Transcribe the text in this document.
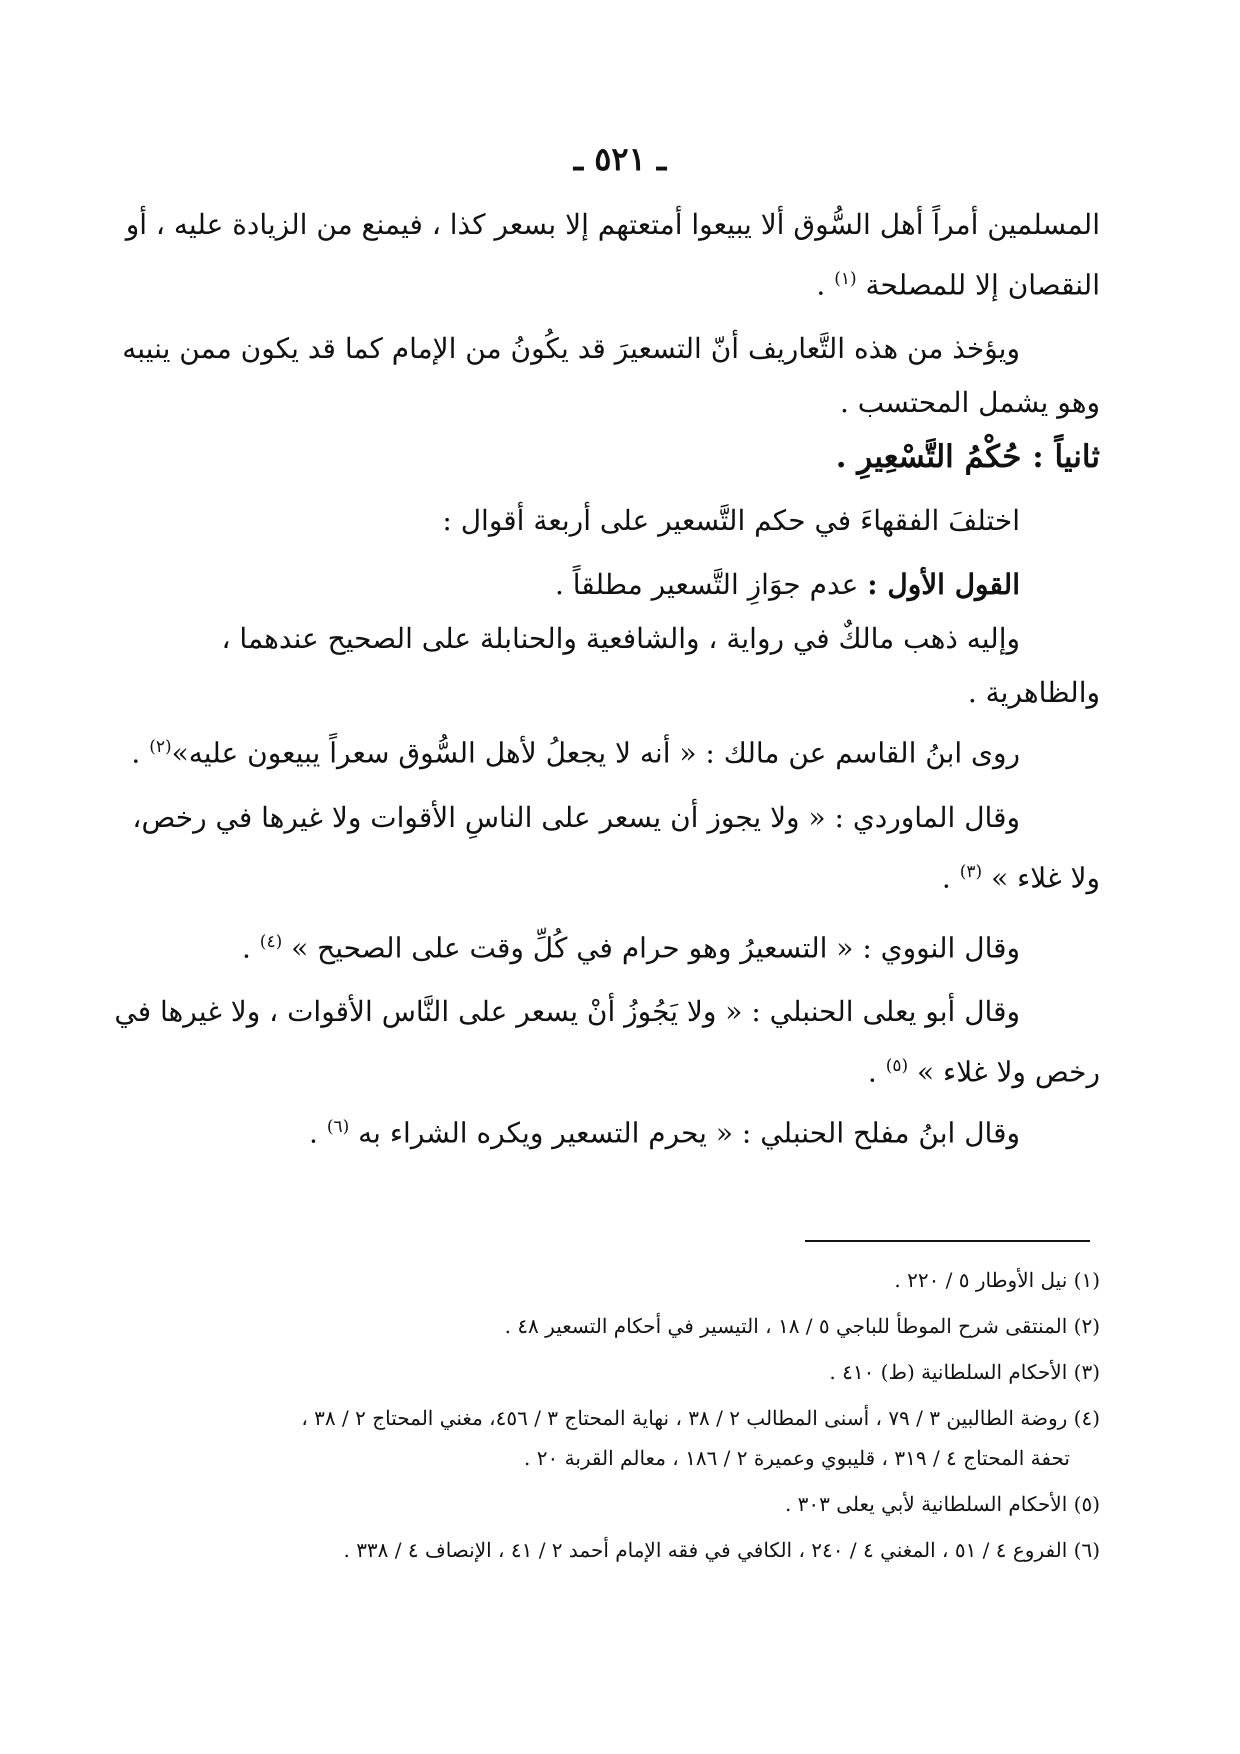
ـ ٥٢١ ـ

المسلمين أمراً أهل السُّوق ألا يبيعوا أمتعتهم إلا بسعر كذا ، فيمنع من الزيادة عليه ، أو

النقصان إلا للمصلحة $^{(١)}$ .

ويؤخذ من هذه التَّعاريف أنّ التسعيرَ قد يكُونُ من الإمام كما قد يكون ممن ينيبه

وهو يشمل المحتسب .

ثانياً : حُكْمُ التَّسْعِيرِ .

اختلفَ الفقهاءَ في حكم التَّسعير على أربعة أقوال :

القول الأول : عدم جوَازِ التَّسعير مطلقاً .

وإليه ذهب مالكٌ في رواية ، والشافعية والحنابلة على الصحيح عندهما ،

والظاهرية .

روى ابنُ القاسم عن مالك : « أنه لا يجعلُ لأهل السُّوق سعراً يبيعون عليه»$^{(٢)}$ .

وقال الماوردي : « ولا يجوز أن يسعر على الناسِ الأقوات ولا غيرها في رخص،

ولا غلاء » $^{(٣)}$ .

وقال النووي : « التسعيرُ وهو حرام في كُلِّ وقت على الصحيح » $^{(٤)}$ .

وقال أبو يعلى الحنبلي : « ولا يَجُوزُ أنْ يسعر على النَّاس الأقوات ، ولا غيرها في

رخص ولا غلاء » $^{(٥)}$ .

وقال ابنُ مفلح الحنبلي : « يحرم التسعير ويكره الشراء به $^{(٦)}$ .

(١) نيل الأوطار ٥ / ٢٢٠ .

(٢) المنتقى شرح الموطأ للباجي ٥ / ١٨ ، التيسير في أحكام التسعير ٤٨ .

(٣) الأحكام السلطانية (ط) ٤١٠ .

(٤) روضة الطالبين ٣ / ٧٩ ، أسنى المطالب ٢ / ٣٨ ، نهاية المحتاج ٣ / ٤٥٦، مغني المحتاج ٢ / ٣٨ ،

تحفة المحتاج ٤ / ٣١٩ ، قليبوي وعميرة ٢ / ١٨٦ ، معالم القربة ٢٠ .

(٥) الأحكام السلطانية لأبي يعلى ٣٠٣ .

(٦) الفروع ٤ / ٥١ ، المغني ٤ / ٢٤٠ ، الكافي في فقه الإمام أحمد ٢ / ٤١ ، الإنصاف ٤ / ٣٣٨ .
